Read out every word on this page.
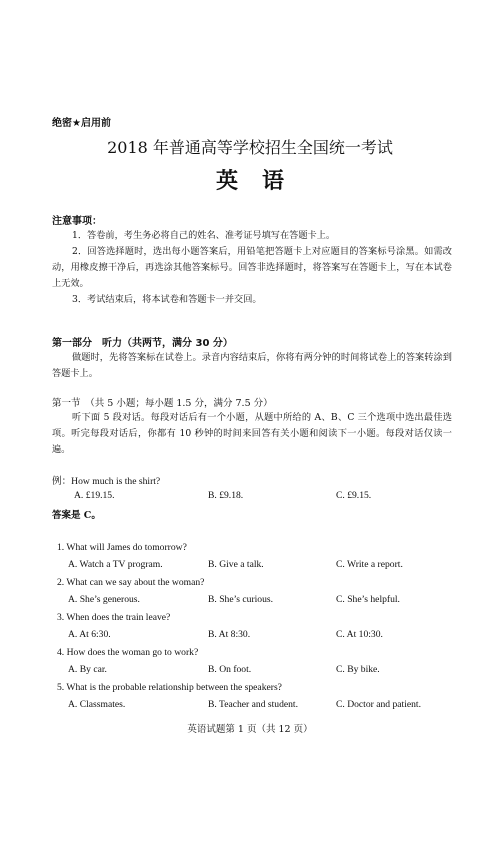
绝密★启用前
2018 年普通高等学校招生全国统一考试
英语
注意事项：
1．答卷前，考生务必将自己的姓名、准考证号填写在答题卡上。
2．回答选择题时，选出每小题答案后，用铅笔把答题卡上对应题目的答案标号涂黑。如需改动，用橡皮擦干净后，再选涂其他答案标号。回答非选择题时，将答案写在答题卡上，写在本试卷上无效。
3．考试结束后，将本试卷和答题卡一并交回。
第一部分　听力（共两节，满分 30 分）
做题时，先将答案标在试卷上。录音内容结束后，你将有两分钟的时间将试卷上的答案转涂到答题卡上。
第一节　（共 5 小题；每小题 1.5 分，满分 7.5 分）
听下面 5 段对话。每段对话后有一个小题，从题中所给的 A、B、C 三个选项中选出最佳选项。听完每段对话后，你都有 10 秒钟的时间来回答有关小题和阅读下一小题。每段对话仅读一遍。
例：How much is the shirt?
A. £19.15.	B. £9.18.	C. £9.15.
答案是 C。
1. What will James do tomorrow?
A. Watch a TV program.	B. Give a talk.	C. Write a report.
2. What can we say about the woman?
A. She’s generous.	B. She’s curious.	C. She’s helpful.
3. When does the train leave?
A. At 6:30.	B. At 8:30.	C. At 10:30.
4. How does the woman go to work?
A. By car.	B. On foot.	C. By bike.
5. What is the probable relationship between the speakers?
A. Classmates.	B. Teacher and student.	C. Doctor and patient.
英语试题第 1 页（共 12 页）
